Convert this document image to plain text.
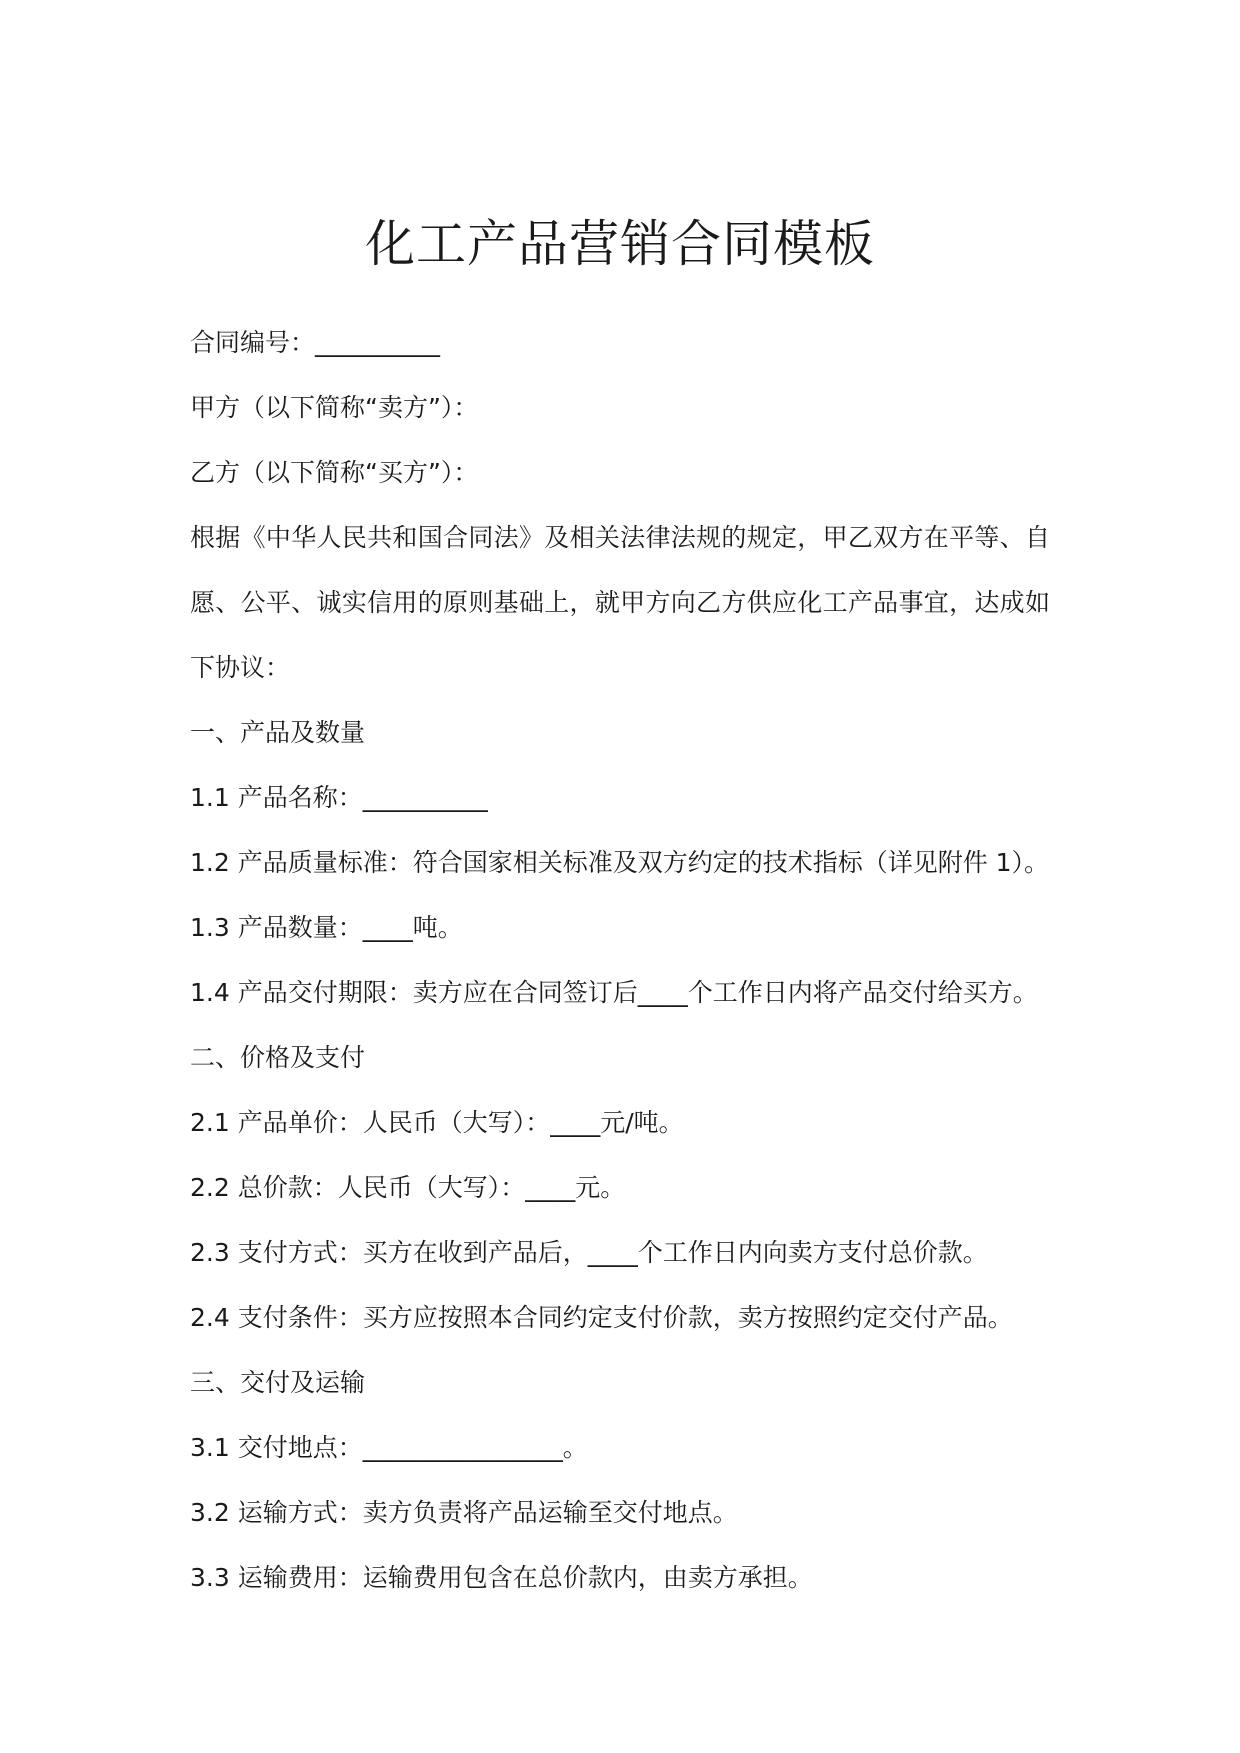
化工产品营销合同模板
合同编号：__________
甲方（以下简称“卖方”）：
乙方（以下简称“买方”）：
根据《中华人民共和国合同法》及相关法律法规的规定，甲乙双方在平等、自愿、公平、诚实信用的原则基础上，就甲方向乙方供应化工产品事宜，达成如下协议：
一、产品及数量
1.1 产品名称：__________
1.2 产品质量标准：符合国家相关标准及双方约定的技术指标（详见附件 1）。
1.3 产品数量：____吨。
1.4 产品交付期限：卖方应在合同签订后____个工作日内将产品交付给买方。
二、价格及支付
2.1 产品单价：人民币（大写）：____元/吨。
2.2 总价款：人民币（大写）：____元。
2.3 支付方式：买方在收到产品后，____个工作日内向卖方支付总价款。
2.4 支付条件：买方应按照本合同约定支付价款，卖方按照约定交付产品。
三、交付及运输
3.1 交付地点：________________。
3.2 运输方式：卖方负责将产品运输至交付地点。
3.3 运输费用：运输费用包含在总价款内，由卖方承担。
